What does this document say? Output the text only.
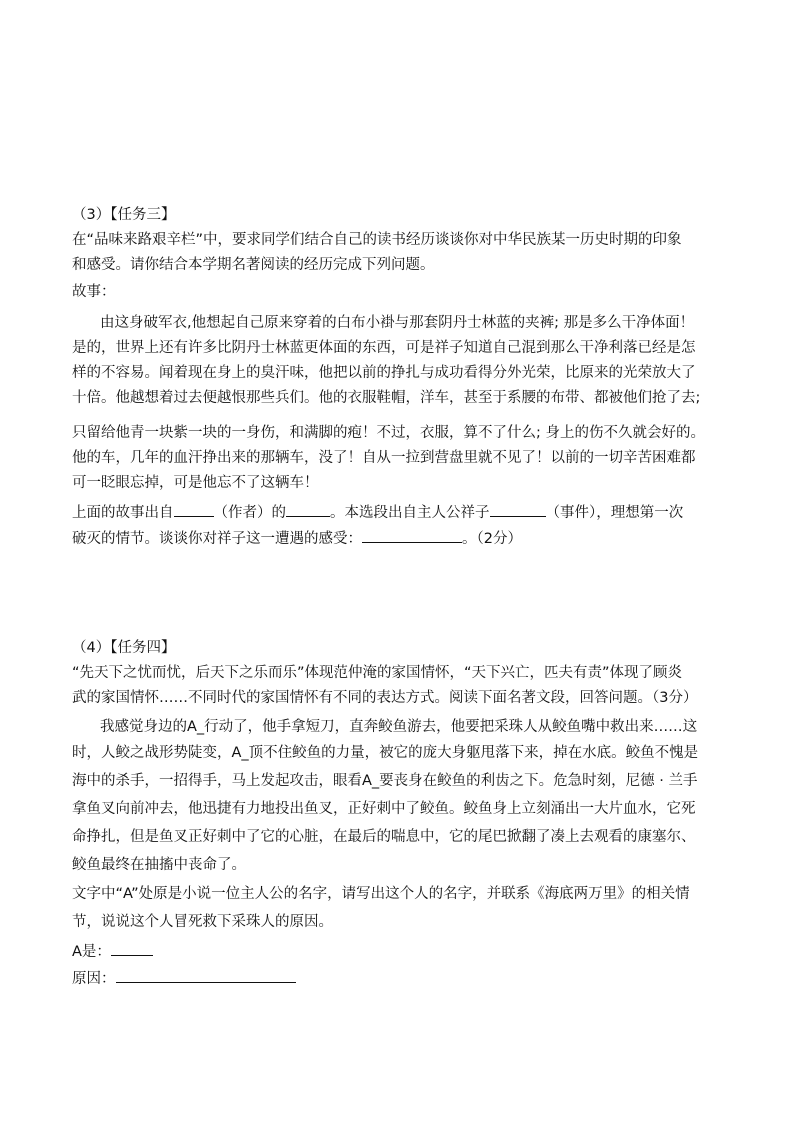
（3）【任务三】
在“品味来路艰辛栏”中，要求同学们结合自己的读书经历谈谈你对中华民族某一历史时期的印象
和感受。请你结合本学期名著阅读的经历完成下列问题。
故事：
由这身破军衣,他想起自己原来穿着的白布小褂与那套阴丹士林蓝的夹裤; 那是多么干净体面！
是的，世界上还有许多比阴丹士林蓝更体面的东西，可是祥子知道自己混到那么干净利落已经是怎
样的不容易。闻着现在身上的臭汗味，他把以前的挣扎与成功看得分外光荣，比原来的光荣放大了
十倍。他越想着过去便越恨那些兵们。他的衣服鞋帽，洋车，甚至于系腰的布带、都被他们抢了去;
只留给他青一块紫一块的一身伤，和满脚的疱！不过，衣服，算不了什么; 身上的伤不久就会好的。
他的车，几年的血汗挣出来的那辆车，没了！自从一拉到营盘里就不见了！以前的一切辛苦困难都
可一眨眼忘掉，可是他忘不了这辆车！
上面的故事出自	（作者）的	。本选段出自主人公祥子	（事件），理想第一次
破灭的情节。谈谈你对祥子这一遭遇的感受：	。（2分）
（4）【任务四】
“先天下之忧而忧，后天下之乐而乐”体现范仲淹的家国情怀，“天下兴亡，匹夫有责”体现了顾炎
武的家国情怀……不同时代的家国情怀有不同的表达方式。阅读下面名著文段，回答问题。（3分）
我感觉身边的A_行动了，他手拿短刀，直奔鲛鱼游去，他要把采珠人从鲛鱼嘴中救出来……这
时，人鲛之战形势陡变，A_顶不住鲛鱼的力量，被它的庞大身躯甩落下来，掉在水底。鲛鱼不愧是
海中的杀手，一招得手，马上发起攻击，眼看A_要丧身在鲛鱼的利齿之下。危急时刻，尼德 · 兰手
拿鱼叉向前冲去，他迅捷有力地投出鱼叉，正好刺中了鲛鱼。鲛鱼身上立刻涌出一大片血水，它死
命挣扎，但是鱼叉正好刺中了它的心脏，在最后的喘息中，它的尾巴掀翻了凑上去观看的康塞尔、
鲛鱼最终在抽搐中丧命了。
文字中“A”处原是小说一位主人公的名字，请写出这个人的名字，并联系《海底两万里》的相关情
节，说说这个人冒死救下采珠人的原因。
A是：
原因：
